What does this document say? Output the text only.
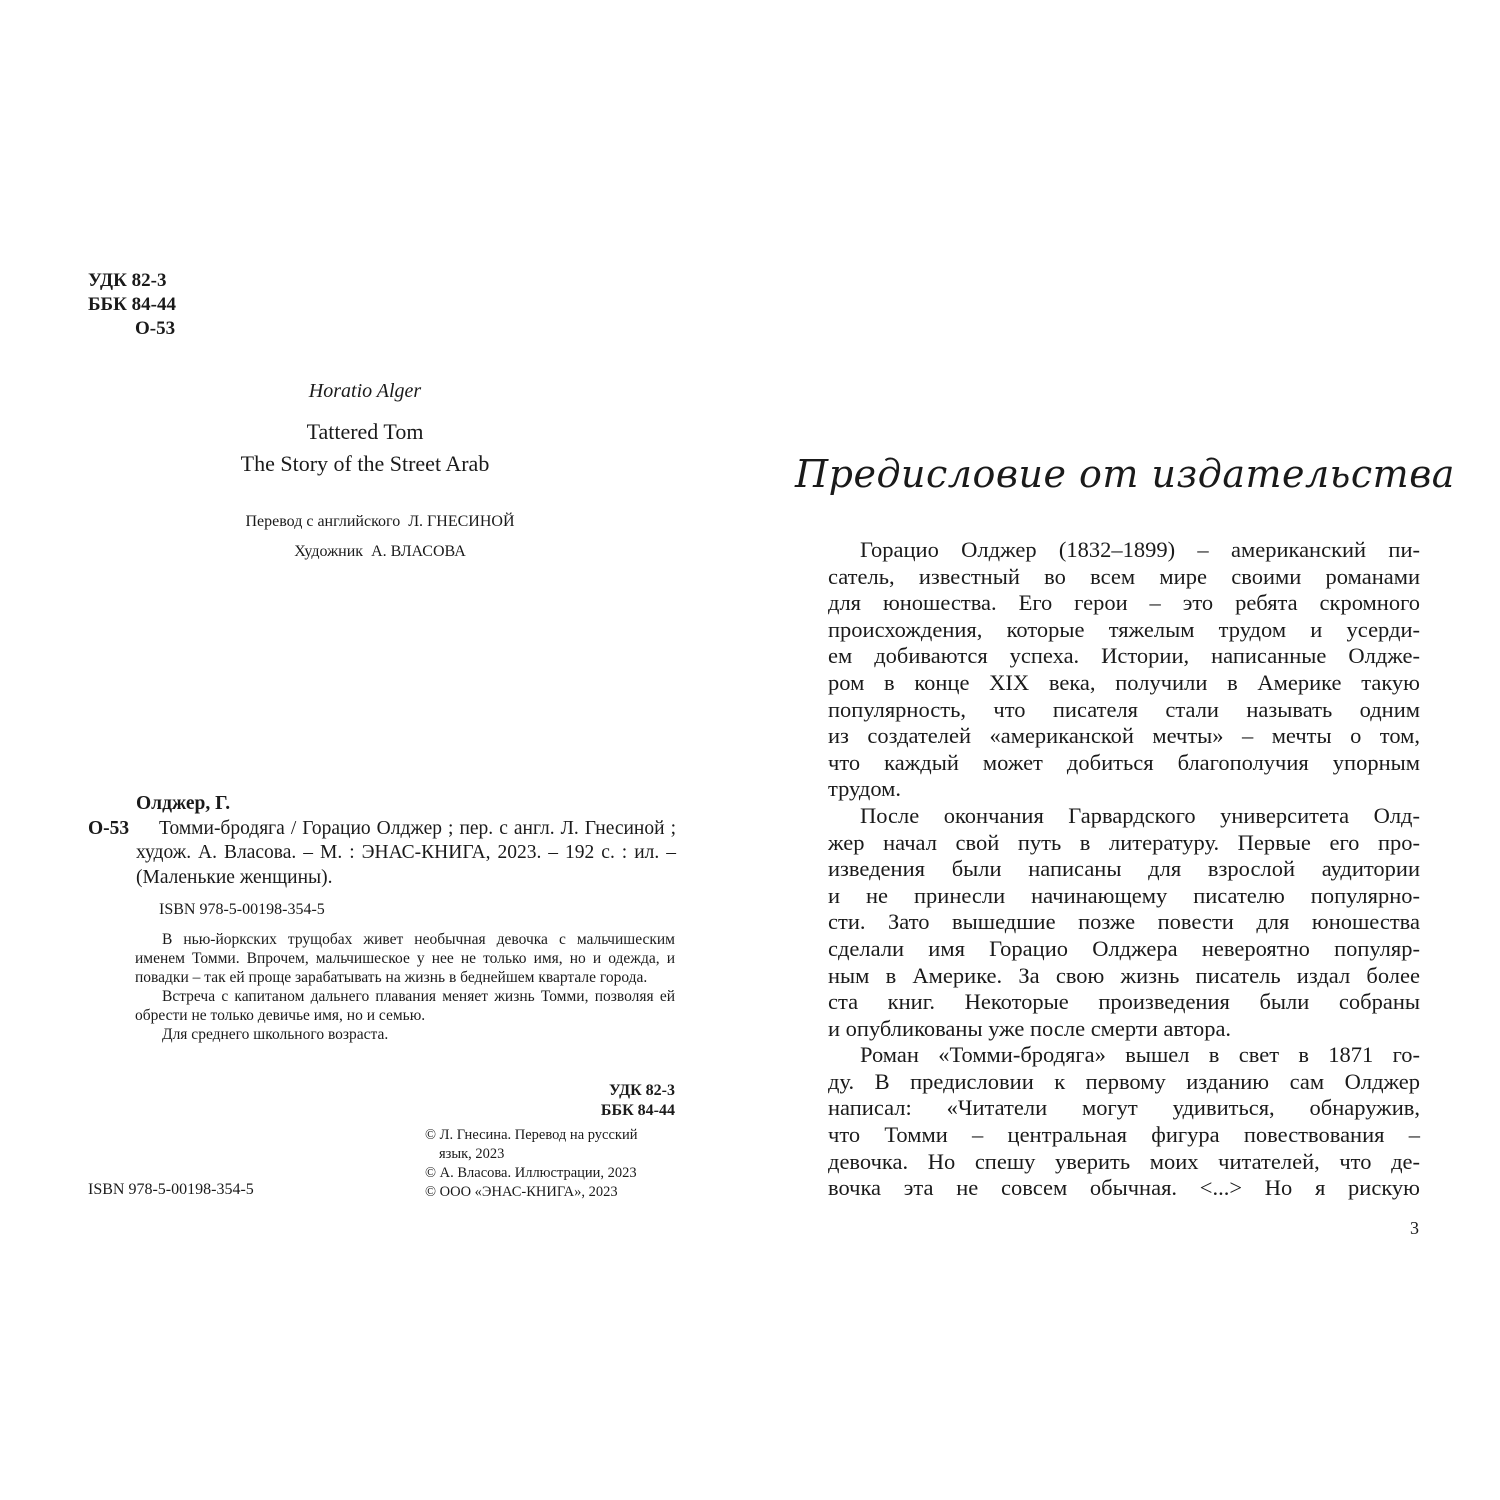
УДК 82-3
ББК 84-44
О-53
Horatio Alger
Tattered Tom
The Story of the Street Arab
Перевод с английского  Л. ГНЕСИНОЙ
Художник  А. ВЛАСОВА
Олджер, Г.
О-53	Томми-бродяга / Горацио Олджер ; пер. с англ. Л. Гнесиной ; худож. А. Власова. – М. : ЭНАС-КНИГА, 2023. – 192 с. : ил. – (Маленькие женщины).
ISBN 978-5-00198-354-5

В нью-йоркских трущобах живет необычная девочка с мальчишеским именем Томми. Впрочем, мальчишеское у нее не только имя, но и одежда, и повадки – так ей проще зарабатывать на жизнь в беднейшем квартале города.

Встреча с капитаном дальнего плавания меняет жизнь Томми, позволяя ей обрести не только девичье имя, но и семью.

Для среднего школьного возраста.

УДК 82-3
ББК 84-44
© Л. Гнесина. Перевод на русский
язык, 2023
© А. Власова. Иллюстрации, 2023
© ООО «ЭНАС-КНИГА», 2023
ISBN 978-5-00198-354-5
Предисловие от издательства
Горацио Олджер (1832–1899) – американский пи-
сатель, известный во всем мире своими романами
для юношества. Его герои – это ребята скромного
происхождения, которые тяжелым трудом и усерди-
ем добиваются успеха. Истории, написанные Олдже-
ром в конце XIX века, получили в Америке такую
популярность, что писателя стали называть одним
из создателей «американской мечты» – мечты о том,
что каждый может добиться благополучия упорным
трудом.
После окончания Гарвардского университета Олд-
жер начал свой путь в литературу. Первые его про-
изведения были написаны для взрослой аудитории
и не принесли начинающему писателю популярно-
сти. Зато вышедшие позже повести для юношества
сделали имя Горацио Олджера невероятно популяр-
ным в Америке. За свою жизнь писатель издал более
ста книг. Некоторые произведения были собраны
и опубликованы уже после смерти автора.
Роман «Томми-бродяга» вышел в свет в 1871 го-
ду. В предисловии к первому изданию сам Олджер
написал: «Читатели могут удивиться, обнаружив,
что Томми – центральная фигура повествования –
девочка. Но спешу уверить моих читателей, что де-
вочка эта не совсем обычная. <...> Но я рискую
3
